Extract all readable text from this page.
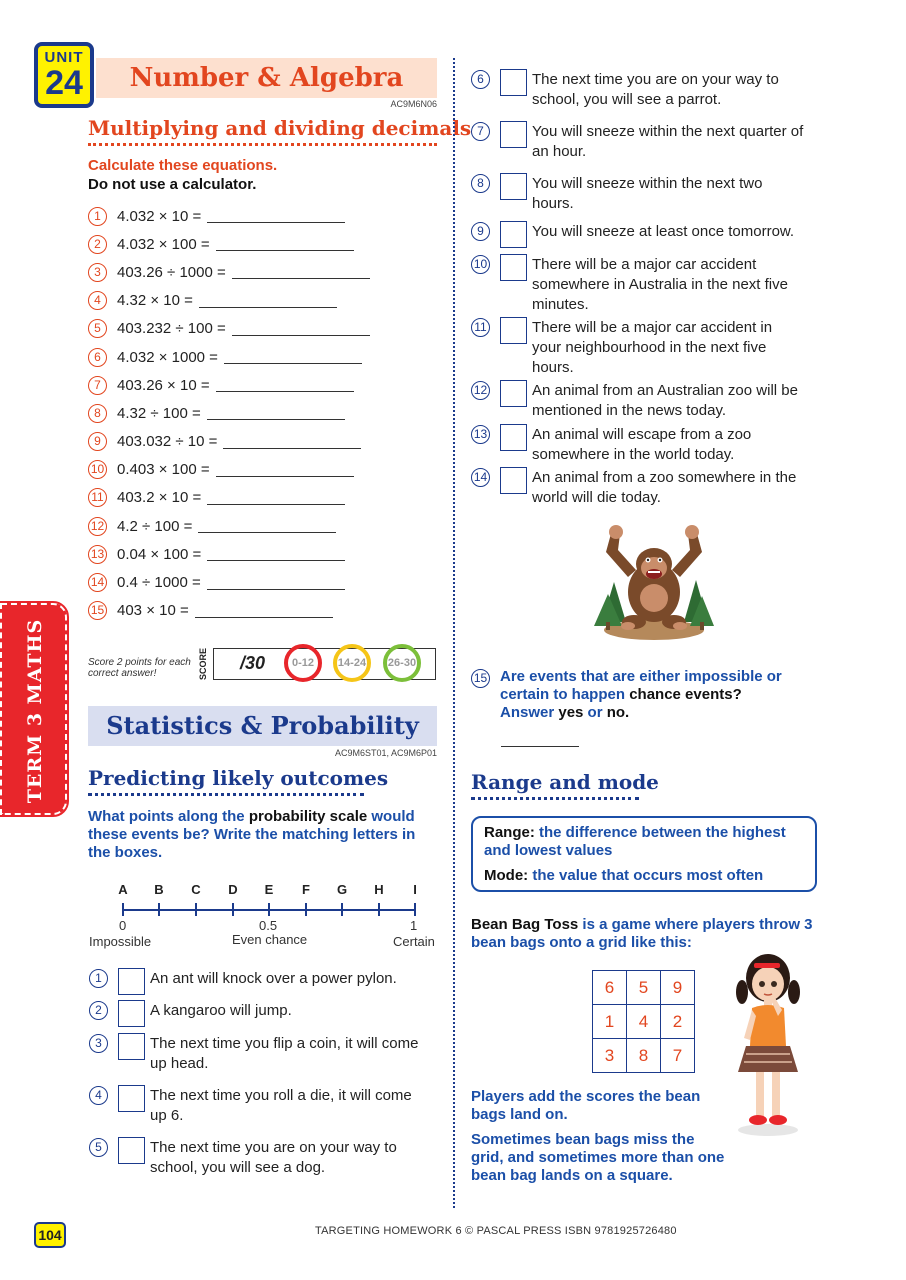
TERM 3 MATHS
UNIT
24	Number & Algebra
AC9M6N06
Multiplying and dividing decimals
Calculate these equations.
Do not use a calculator.
1	4.032 × 10 =
2	4.032 × 100 =
3	403.26 ÷ 1000 =
4	4.32 × 10 =
5	403.232 ÷ 100 =
6	4.032 × 1000 =
7	403.26 × 10 =
8	4.32 ÷ 100 =
9	403.032 ÷ 10 =
10 0.403 × 100 =
11 403.2 × 10 =
12 4.2 ÷ 100 =
13 0.04 × 100 =
14 0.4 ÷ 1000 =
15 403 × 10 =
Score 2 points for each correct answer!	SCORE /30	0-12	14-24	26-30
Statistics & Probability
AC9M6ST01, AC9M6P01
Predicting likely outcomes
What points along the probability scale would these events be? Write the matching letters in the boxes.
A B C D E F G H	I
0	0.5	1
Impossible	Even chance	Certain
1	An ant will knock over a power pylon.
2	A kangaroo will jump.
3	The next time you flip a coin, it will come up head.
4	The next time you roll a die, it will come up 6.
5	The next time you are on your way to school, you will see a dog.
6	The next time you are on your way to school, you will see a parrot.
7	You will sneeze within the next quarter of an hour.
8	You will sneeze within the next two hours.
9	You will sneeze at least once tomorrow.
10	There will be a major car accident somewhere in Australia in the next five minutes.
11	There will be a major car accident in your neighbourhood in the next five hours.
12	An animal from an Australian zoo will be mentioned in the news today.
13	An animal will escape from a zoo somewhere in the world today.
14	An animal from a zoo somewhere in the world will die today.
15 Are events that are either impossible or
certain to happen chance events?
Answer yes or no.
Range and mode
Range: the difference between the highest and lowest values
Mode: the value that occurs most often
Bean Bag Toss is a game where players throw 3 bean bags onto a grid like this:
6	5	9
1	4	2
3	8	7
Players add the scores the bean bags land on.
Sometimes bean bags miss the grid, and sometimes more than one bean bag lands on a square.
104	TARGETING HOMEWORK 6 © PASCAL PRESS ISBN 9781925726480
